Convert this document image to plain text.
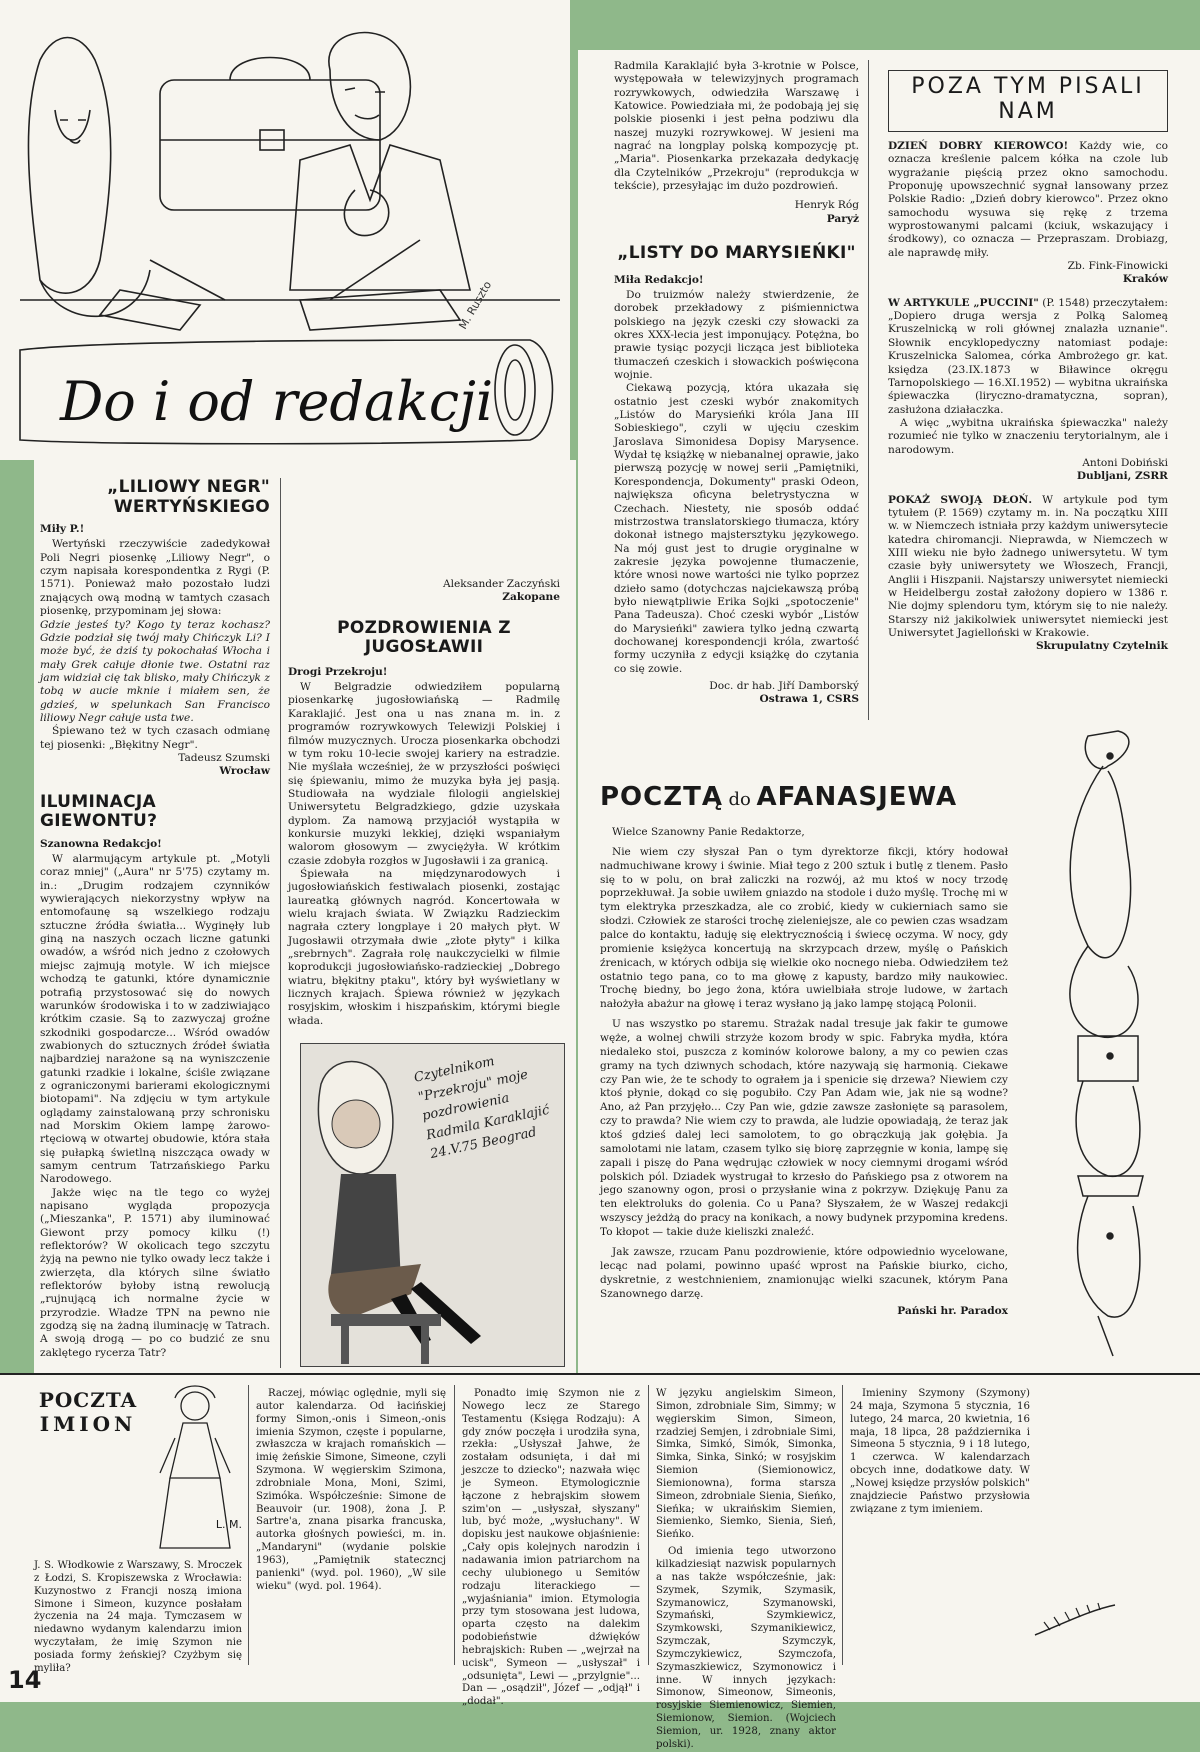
Do i od redakcji
M. Ruszto
„LILIOWY NEGR" WERTYŃSKIEGO
Miły P.!

Wertyński rzeczywiście zadedykował Poli Negri piosenkę „Liliowy Negr", o czym napisała korespondentka z Rygi (P. 1571). Ponieważ mało pozostało ludzi znających ową modną w tamtych czasach piosenkę, przypominam jej słowa:

Gdzie jesteś ty? Kogo ty teraz kochasz? Gdzie podział się twój mały Chińczyk Li? I może być, że dziś ty pokochałaś Włocha i mały Grek całuje dłonie twe. Ostatni raz jam widział cię tak blisko, mały Chińczyk z tobą w aucie mknie i miałem sen, że gdzieś, w spelunkach San Francisco liliowy Negr całuje usta twe.

Śpiewano też w tych czasach odmianę tej piosenki: „Błękitny Negr".

Tadeusz Szumski
Wrocław
ILUMINACJA GIEWONTU?
Szanowna Redakcjo!

W alarmującym artykule pt. „Motyli coraz mniej" („Aura" nr 5'75) czytamy m. in.: „Drugim rodzajem czynników wywierających niekorzystny wpływ na entomofaunę są wszelkiego rodzaju sztuczne źródła światła... Wyginęły lub giną na naszych oczach liczne gatunki owadów, a wśród nich jedno z czołowych miejsc zajmują motyle. W ich miejsce wchodzą te gatunki, które dynamicznie potrafią przystosować się do nowych warunków środowiska i to w zadziwiająco krótkim czasie. Są to zazwyczaj groźne szkodniki gospodarcze... Wśród owadów zwabionych do sztucznych źródeł światła najbardziej narażone są na wyniszczenie gatunki rzadkie i lokalne, ściśle związane z ograniczonymi barierami ekologicznymi biotopami". Na zdjęciu w tym artykule oglądamy zainstalowaną przy schronisku nad Morskim Okiem lampę żarowo-rtęciową w otwartej obudowie, która stała się pułapką świetlną niszcząca owady w samym centrum Tatrzańskiego Parku Narodowego.

Jakże więc na tle tego co wyżej napisano wygląda propozycja („Mieszanka", P. 1571) aby iluminować Giewont przy pomocy kilku (!) reflektorów? W okolicach tego szczytu żyją na pewno nie tylko owady lecz także i zwierzęta, dla których silne światło reflektorów byłoby istną rewolucją „rujnującą ich normalne życie w przyrodzie. Władze TPN na pewno nie zgodzą się na żadną iluminację w Tatrach. A swoją drogą — po co budzić ze snu zaklętego rycerza Tatr?

Aleksander Zaczyński
Zakopane
POZDROWIENIA Z JUGOSŁAWII
Drogi Przekroju!

W Belgradzie odwiedziłem popularną piosenkarkę jugosłowiańską — Radmilę Karaklajić. Jest ona u nas znana m. in. z programów rozrywkowych Telewizji Polskiej i filmów muzycznych. Urocza piosenkarka obchodzi w tym roku 10-lecie swojej kariery na estradzie. Nie myślała wcześniej, że w przyszłości poświęci się śpiewaniu, mimo że muzyka była jej pasją. Studiowała na wydziale filologii angielskiej Uniwersytetu Belgradzkiego, gdzie uzyskała dyplom. Za namową przyjaciół wystąpiła w konkursie muzyki lekkiej, dzięki wspaniałym walorom głosowym — zwyciężyła. W krótkim czasie zdobyła rozgłos w Jugosławii i za granicą.

Śpiewała na międzynarodowych i jugosłowiańskich festiwalach piosenki, zostając laureatką głównych nagród. Koncertowała w wielu krajach świata. W Związku Radzieckim nagrała cztery longplaye i 20 małych płyt. W Jugosławii otrzymała dwie „złote płyty" i kilka „srebrnych". Zagrała rolę naukczycielki w filmie koprodukcji jugosłowiańsko-radzieckiej „Dobrego wiatru, błękitny ptaku", który był wyświetlany w licznych krajach. Śpiewa również w językach rosyjskim, włoskim i hiszpańskim, którymi biegle włada.

Czytelnikom "Przekroju" moje pozdrowienia Radmila Karaklajić 24.V.75 Beograd

Radmila Karaklajić była 3-krotnie w Polsce, występowała w telewizyjnych programach rozrywkowych, odwiedziła Warszawę i Katowice. Powiedziała mi, że podobają jej się polskie piosenki i jest pełna podziwu dla naszej muzyki rozrywkowej. W jesieni ma nagrać na longplay polską kompozycję pt. „Maria". Piosenkarka przekazała dedykację dla Czytelników „Przekroju" (reprodukcja w tekście), przesyłając im dużo pozdrowień.

Henryk Róg
Paryż
„LISTY DO MARYSIEŃKI"
Miła Redakcjo!

Do truizmów należy stwierdzenie, że dorobek przekładowy z piśmiennictwa polskiego na język czeski czy słowacki za okres XXX-lecia jest imponujący. Potężna, bo prawie tysiąc pozycji licząca jest biblioteka tłumaczeń czeskich i słowackich poświęcona wojnie.

Ciekawą pozycją, która ukazała się ostatnio jest czeski wybór znakomitych „Listów do Marysieńki króla Jana III Sobieskiego", czyli w ujęciu czeskim Jaroslava Simonidesa Dopisy Marysence. Wydał tę książkę w niebanalnej oprawie, jako pierwszą pozycję w nowej serii „Pamiętniki, Korespondencja, Dokumenty" praski Odeon, największa oficyna beletrystyczna w Czechach. Niestety, nie sposób oddać mistrzostwa translatorskiego tłumacza, który dokonał istnego majstersztyku językowego. Na mój gust jest to drugie oryginalne w zakresie języka powojenne tłumaczenie, które wnosi nowe wartości nie tylko poprzez dzieło samo (dotychczas najciekawszą próbą było niewątpliwie Erika Sojki „spotoczenie" Pana Tadeusza). Choć czeski wybór „Listów do Marysieńki" zawiera tylko jedną czwartą dochowanej korespondencji króla, zwartość formy uczyniła z edycji książkę do czytania co się zowie.

Doc. dr hab. Jiří Damborský
Ostrawa 1, CSRS
POZA TYM PISALI NAM

DZIEŃ DOBRY KIEROWCO! Każdy wie, co oznacza kreślenie palcem kółka na czole lub wygrażanie pięścią przez okno samochodu. Proponuję upowszechnić sygnał lansowany przez Polskie Radio: „Dzień dobry kierowco". Przez okno samochodu wysuwa się rękę z trzema wyprostowanymi palcami (kciuk, wskazujący i środkowy), co oznacza — Przepraszam. Drobiazg, ale naprawdę miły.

Zb. Fink-Finowicki
Kraków

W ARTYKULE „PUCCINI" (P. 1548) przeczytałem: „Dopiero druga wersja z Polką Salomeą Kruszelnicką w roli głównej znalazła uznanie". Słownik encyklopedyczny natomiast podaje: Kruszelnicka Salomea, córka Ambrożego gr. kat. księdza (23.IX.1873 w Biławince okręgu Tarnopolskiego — 16.XI.1952) — wybitna ukraińska śpiewaczka (liryczno-dramatyczna, sopran), zasłużona działaczka.

A więc „wybitna ukraińska śpiewaczka" należy rozumieć nie tylko w znaczeniu terytorialnym, ale i narodowym.

Antoni Dobiński
Dubljani, ZSRR

POKAŻ SWOJĄ DŁOŃ. W artykule pod tym tytułem (P. 1569) czytamy m. in. Na początku XIII w. w Niemczech istniała przy każdym uniwersytecie katedra chiromancji. Nieprawda, w Niemczech w XIII wieku nie było żadnego uniwersytetu. W tym czasie były uniwersytety we Włoszech, Francji, Anglii i Hiszpanii. Najstarszy uniwersytet niemiecki w Heidelbergu został założony dopiero w 1386 r. Nie dojmy splendoru tym, którym się to nie należy. Starszy niż jakikolwiek uniwersytet niemiecki jest Uniwersytet Jagielloński w Krakowie.

Skrupulatny Czytelnik
POCZTĄ do AFANASJEWA
Wielce Szanowny Panie Redaktorze,

Nie wiem czy słyszał Pan o tym dyrektorze fikcji, który hodował nadmuchiwane krowy i świnie. Miał tego z 200 sztuk i butlę z tlenem. Pasło się to w polu, on brał zaliczki na rozwój, aż mu ktoś w nocy trzodę poprzekłuwał. Ja sobie uwiłem gniazdo na stodole i dużo myślę. Trochę mi w tym elektryka przeszkadza, ale co zrobić, kiedy w cukierniach samo sie słodzi. Człowiek ze starości trochę zieleniejsze, ale co pewien czas wsadzam palce do kontaktu, ładuję się elektrycznością i świecę oczyma. W nocy, gdy promienie księżyca koncertują na skrzypcach drzew, myślę o Pańskich źrenicach, w których odbija się wielkie oko nocnego nieba. Odwiedziłem też ostatnio tego pana, co to ma głowę z kapusty, bardzo miły naukowiec. Trochę biedny, bo jego żona, która uwielbiała stroje ludowe, w żartach nałożyła abażur na głowę i teraz wysłano ją jako lampę stojącą Polonii.

U nas wszystko po staremu. Strażak nadal tresuje jak fakir te gumowe węże, a wolnej chwili strzyże kozom brody w spic. Fabryka mydła, która niedaleko stoi, puszcza z kominów kolorowe balony, a my co pewien czas gramy na tych dziwnych schodach, które nazywają się harmonią. Ciekawe czy Pan wie, że te schody to ograłem ja i spenicie się drzewa? Niewiem czy ktoś płynie, dokąd co się pogubiło. Czy Pan Adam wie, jak nie są wodne? Ano, aż Pan przyjęło... Czy Pan wie, gdzie zawsze zasłonięte są parasolem, czy to prawda? Nie wiem czy to prawda, ale ludzie opowiadają, że teraz jak ktoś gdzieś dalej leci samolotem, to go obrączkują jak gołębia. Ja samolotami nie latam, czasem tylko się biorę zaprzęgnie w konia, lampę się zapali i piszę do Pana wędrując człowiek w nocy ciemnymi drogami wśród polskich pól. Dziadek wystrugał to krzesło do Pańskiego psa z otworem na jego szanowny ogon, prosi o przysłanie wina z pokrzyw. Dziękuję Panu za ten elektroluks do golenia. Co u Pana? Słyszałem, że w Waszej redakcji wszyscy jeżdżą do pracy na konikach, a nowy budynek przypomina kredens. To kłopot — takie duże kieliszki znaleźć.

Jak zawsze, rzucam Panu pozdrowienie, które odpowiednio wycelowane, lecąc nad polami, powinno upaść wprost na Pańskie biurko, cicho, dyskretnie, z westchnieniem, znamionując wielki szacunek, którym Pana Szanownego darzę.

Pański hr. Paradox
POCZTA
IMION
L. M.

J. S. Włodkowie z Warszawy, S. Mroczek z Łodzi, S. Kropiszewska z Wrocławia: Kuzynostwo z Francji noszą imiona Simone i Simeon, kuzynce posłałam życzenia na 24 maja. Tymczasem w niedawno wydanym kalendarzu imion wyczytałam, że imię Szymon nie posiada formy żeńskiej? Czyżbym się myliła?

Raczej, mówiąc oględnie, myli się autor kalendarza. Od łacińskiej formy Simon,-onis i Simeon,-onis imienia Szymon, częste i popularne, zwłaszcza w krajach romańskich — imię żeńskie Simone, Simeone, czyli Szymona. W węgierskim Szimona, zdrobniale Mona, Moni, Szimi, Szimóka. Współcześnie: Simone de Beauvoir (ur. 1908), żona J. P. Sartre'a, znana pisarka francuska, autorka głośnych powieści, m. in. „Mandaryni" (wydanie polskie 1963), „Pamiętnik stateczncj panienki" (wyd. pol. 1960), „W sile wieku" (wyd. pol. 1964).

Ponadto imię Szymon nie z Nowego lecz ze Starego Testamentu (Księga Rodzaju): A gdy znów poczęła i urodziła syna, rzekła: „Usłyszał Jahwe, że zostałam odsunięta, i dał mi jeszcze to dziecko"; nazwała więc je Symeon. Etymologicznie łączone z hebrajskim słowem szim'on — „usłyszał, słyszany" lub, być może, „wysłuchany". W dopisku jest naukowe objaśnienie: „Cały opis kolejnych narodzin i nadawania imion patriarchom na cechy ulubionego u Semitów rodzaju literackiego — „wyjaśniania" imion. Etymologia przy tym stosowana jest ludowa, oparta często na dalekim podobieństwie dźwięków hebrajskich: Ruben — „wejrzał na ucisk", Symeon — „usłyszał" i „odsunięta", Lewi — „przylgnie"... Dan — „osądził", Józef — „odjął" i „dodał".

W języku angielskim Simeon, Simon, zdrobniale Sim, Simmy; w węgierskim Simon, Simeon, rzadziej Semjen, i zdrobniale Simi, Simka, Simkó, Simók, Simonka, Simka, Sinka, Sinkó; w rosyjskim Siemion (Siemionowicz, Siemionowna), forma starsza Simeon, zdrobniale Sienia, Sieńko, Sieńka; w ukraińskim Siemien, Siemienko, Siemko, Sienia, Sień, Sieńko.

Od imienia tego utworzono kilkadziesiąt nazwisk popularnych a nas także współcześnie, jak: Szymek, Szymik, Szymasik, Szymanowicz, Szymanowski, Szymański, Szymkiewicz, Szymkowski, Szymanikiewicz, Szymczak, Szymczyk, Szymczykiewicz, Szymczofa, Szymaszkiewicz, Szymonowicz i inne. W innych językach: Simonow, Simeonow, Simeonis, rosyjskie Siemienowicz, Siemien, Siemionow, Siemion. (Wojciech Siemion, ur. 1928, znany aktor polski).

Imieniny Szymony (Szymony) 24 maja, Szymona 5 stycznia, 16 lutego, 24 marca, 20 kwietnia, 16 maja, 18 lipca, 28 października i Simeona 5 stycznia, 9 i 18 lutego, 1 czerwca. W kalendarzach obcych inne, dodatkowe daty. W „Nowej księdze przysłów polskich" znajdziecie Państwo przysłowia związane z tym imieniem.

14
